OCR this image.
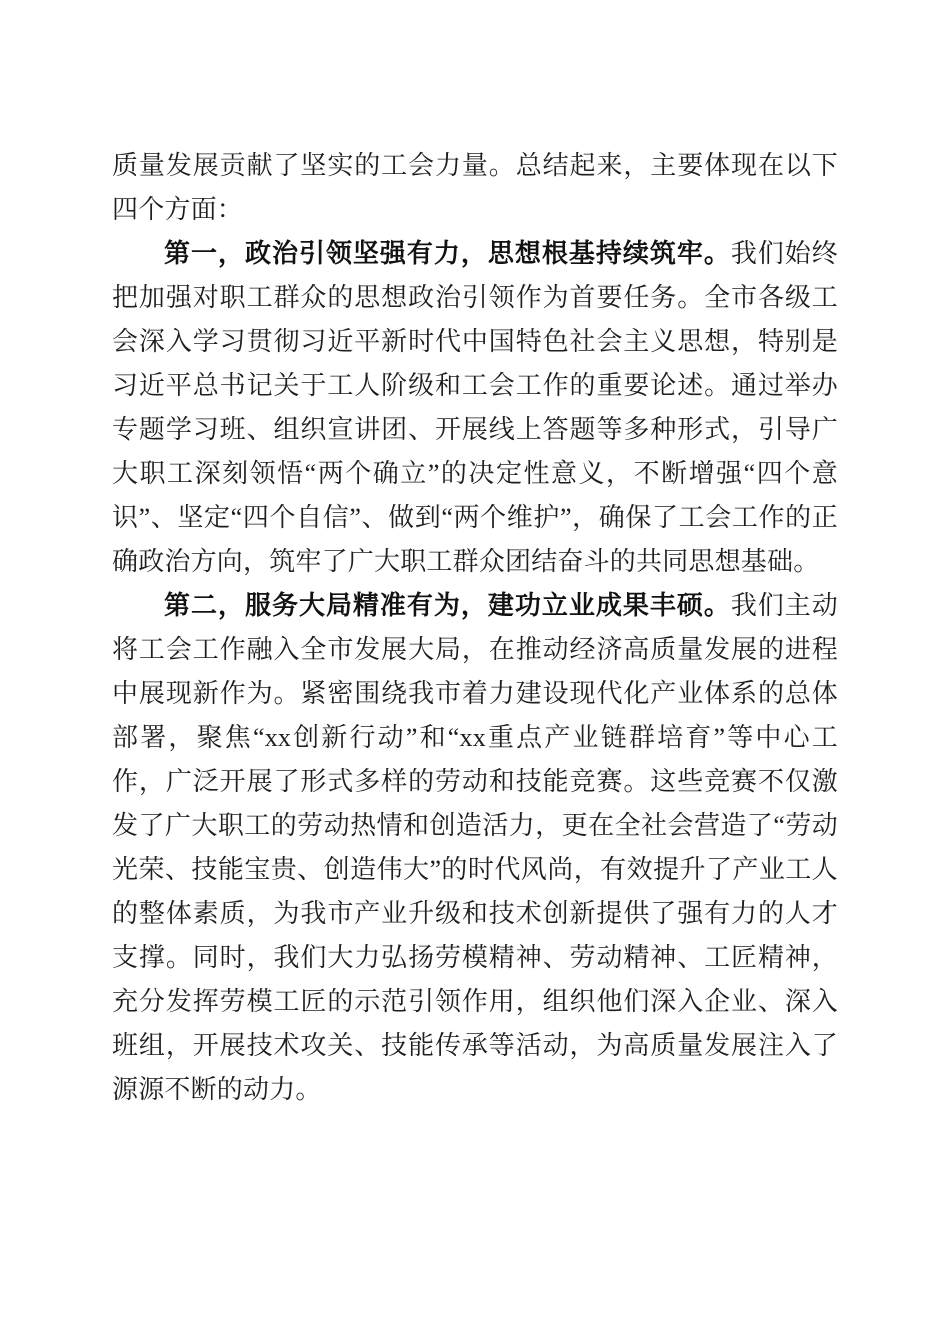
质量发展贡献了坚实的工会力量。总结起来，主要体现在以下四个方面：

第一，政治引领坚强有力，思想根基持续筑牢。我们始终把加强对职工群众的思想政治引领作为首要任务。全市各级工会深入学习贯彻习近平新时代中国特色社会主义思想，特别是习近平总书记关于工人阶级和工会工作的重要论述。通过举办专题学习班、组织宣讲团、开展线上答题等多种形式，引导广大职工深刻领悟“两个确立”的决定性意义，不断增强“四个意识”、坚定“四个自信”、做到“两个维护”，确保了工会工作的正确政治方向，筑牢了广大职工群众团结奋斗的共同思想基础。

第二，服务大局精准有为，建功立业成果丰硕。我们主动将工会工作融入全市发展大局，在推动经济高质量发展的进程中展现新作为。紧密围绕我市着力建设现代化产业体系的总体部署，聚焦“xx创新行动”和“xx重点产业链群培育”等中心工作，广泛开展了形式多样的劳动和技能竞赛。这些竞赛不仅激发了广大职工的劳动热情和创造活力，更在全社会营造了“劳动光荣、技能宝贵、创造伟大”的时代风尚，有效提升了产业工人的整体素质，为我市产业升级和技术创新提供了强有力的人才支撑。同时，我们大力弘扬劳模精神、劳动精神、工匠精神，充分发挥劳模工匠的示范引领作用，组织他们深入企业、深入班组，开展技术攻关、技能传承等活动，为高质量发展注入了源源不断的动力。
